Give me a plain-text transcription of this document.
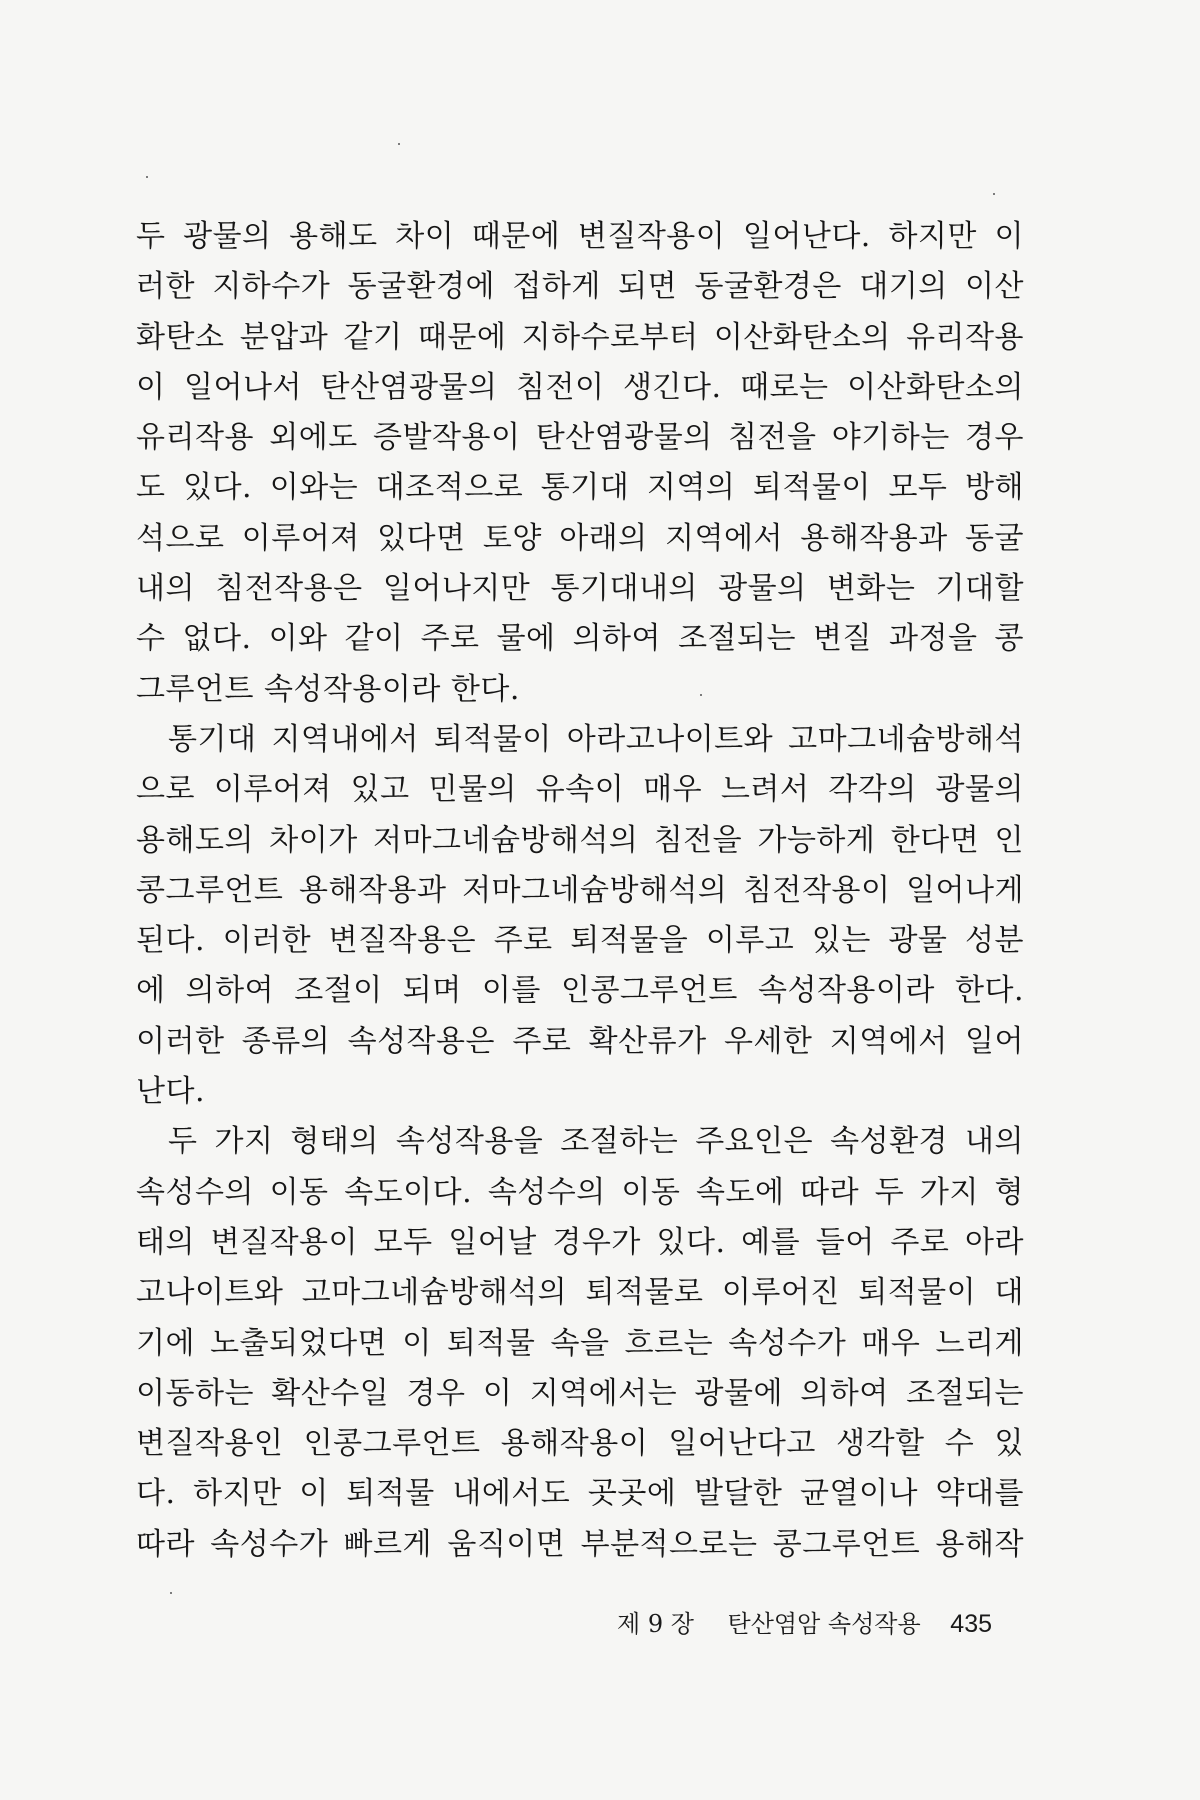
두 광물의 용해도 차이 때문에 변질작용이 일어난다. 하지만 이
러한 지하수가 동굴환경에 접하게 되면 동굴환경은 대기의 이산
화탄소 분압과 같기 때문에 지하수로부터 이산화탄소의 유리작용
이 일어나서 탄산염광물의 침전이 생긴다. 때로는 이산화탄소의
유리작용 외에도 증발작용이 탄산염광물의 침전을 야기하는 경우
도 있다. 이와는 대조적으로 통기대 지역의 퇴적물이 모두 방해
석으로 이루어져 있다면 토양 아래의 지역에서 용해작용과 동굴
내의 침전작용은 일어나지만 통기대내의 광물의 변화는 기대할
수 없다. 이와 같이 주로 물에 의하여 조절되는 변질 과정을 콩
그루언트 속성작용이라 한다.
통기대 지역내에서 퇴적물이 아라고나이트와 고마그네슘방해석
으로 이루어져 있고 민물의 유속이 매우 느려서 각각의 광물의
용해도의 차이가 저마그네슘방해석의 침전을 가능하게 한다면 인
콩그루언트 용해작용과 저마그네슘방해석의 침전작용이 일어나게
된다. 이러한 변질작용은 주로 퇴적물을 이루고 있는 광물 성분
에 의하여 조절이 되며 이를 인콩그루언트 속성작용이라 한다.
이러한 종류의 속성작용은 주로 확산류가 우세한 지역에서 일어
난다.
두 가지 형태의 속성작용을 조절하는 주요인은 속성환경 내의
속성수의 이동 속도이다. 속성수의 이동 속도에 따라 두 가지 형
태의 변질작용이 모두 일어날 경우가 있다. 예를 들어 주로 아라
고나이트와 고마그네슘방해석의 퇴적물로 이루어진 퇴적물이 대
기에 노출되었다면 이 퇴적물 속을 흐르는 속성수가 매우 느리게
이동하는 확산수일 경우 이 지역에서는 광물에 의하여 조절되는
변질작용인 인콩그루언트 용해작용이 일어난다고 생각할 수 있
다. 하지만 이 퇴적물 내에서도 곳곳에 발달한 균열이나 약대를
따라 속성수가 빠르게 움직이면 부분적으로는 콩그루언트 용해작
제 9 장 탄산염암 속성작용 435
